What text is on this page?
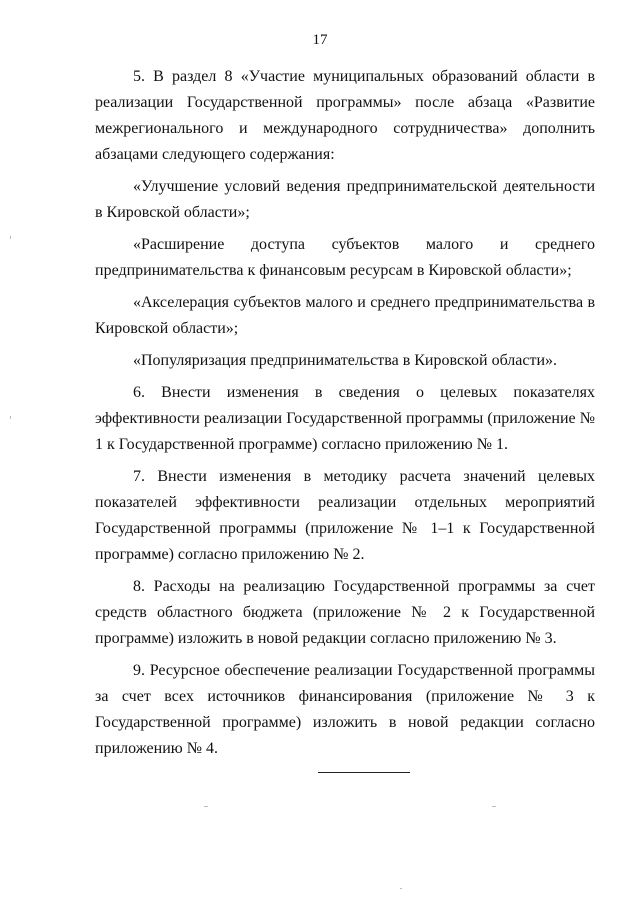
17

5. В раздел 8 «Участие муниципальных образований области в реализации Государственной программы» после абзаца «Развитие межрегионального и международного сотрудничества» дополнить абзацами следующего содержания:

«Улучшение условий ведения предпринимательской деятельности в Кировской области»;

«Расширение доступа субъектов малого и среднего предпринимательства к финансовым ресурсам в Кировской области»;

«Акселерация субъектов малого и среднего предпринимательства в Кировской области»;

«Популяризация предпринимательства в Кировской области».

6. Внести изменения в сведения о целевых показателях эффективности реализации Государственной программы (приложение № 1 к Государственной программе) согласно приложению № 1.

7. Внести изменения в методику расчета значений целевых показателей эффективности реализации отдельных мероприятий Государственной программы (приложение № 1–1 к Государственной программе) согласно приложению № 2.

8. Расходы на реализацию Государственной программы за счет средств областного бюджета (приложение № 2 к Государственной программе) изложить в новой редакции согласно приложению № 3.

9. Ресурсное обеспечение реализации Государственной программы за счет всех источников финансирования (приложение № 3 к Государственной программе) изложить в новой редакции согласно приложению № 4.
